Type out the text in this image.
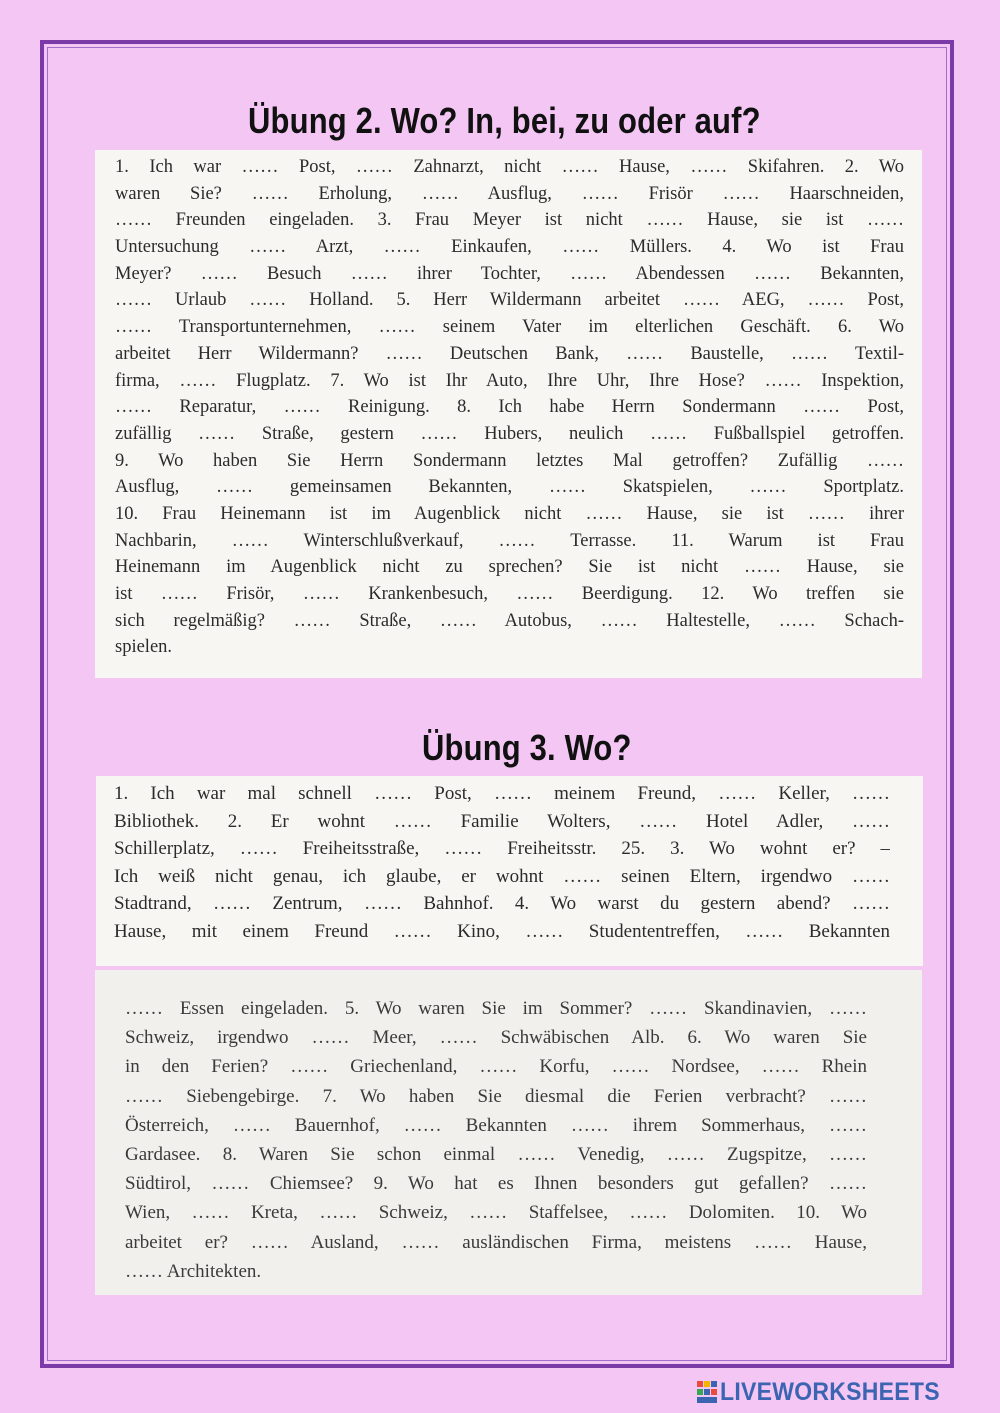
Übung 2. Wo? In, bei, zu oder auf?
1. Ich war …… Post, …… Zahnarzt, nicht …… Hause, …… Skifahren. 2. Wo
waren Sie? …… Erholung, …… Ausflug, …… Frisör …… Haarschneiden,
…… Freunden eingeladen. 3. Frau Meyer ist nicht …… Hause, sie ist ……
Untersuchung …… Arzt, …… Einkaufen, …… Müllers. 4. Wo ist Frau
Meyer? …… Besuch …… ihrer Tochter, …… Abendessen …… Bekannten,
…… Urlaub …… Holland. 5. Herr Wildermann arbeitet …… AEG, …… Post,
…… Transportunternehmen, …… seinem Vater im elterlichen Geschäft. 6. Wo
arbeitet Herr Wildermann? …… Deutschen Bank, …… Baustelle, …… Textil-
firma, …… Flugplatz. 7. Wo ist Ihr Auto, Ihre Uhr, Ihre Hose? …… Inspektion,
…… Reparatur, …… Reinigung. 8. Ich habe Herrn Sondermann …… Post,
zufällig …… Straße, gestern …… Hubers, neulich …… Fußballspiel getroffen.
9. Wo haben Sie Herrn Sondermann letztes Mal getroffen? Zufällig ……
Ausflug, …… gemeinsamen Bekannten, …… Skatspielen, …… Sportplatz.
10. Frau Heinemann ist im Augenblick nicht …… Hause, sie ist …… ihrer
Nachbarin, …… Winterschlußverkauf, …… Terrasse. 11. Warum ist Frau
Heinemann im Augenblick nicht zu sprechen? Sie ist nicht …… Hause, sie
ist …… Frisör, …… Krankenbesuch, …… Beerdigung. 12. Wo treffen sie
sich regelmäßig? …… Straße, …… Autobus, …… Haltestelle, …… Schach-
spielen.
Übung 3. Wo?
1. Ich war mal schnell …… Post, …… meinem Freund, …… Keller, ……
Bibliothek. 2. Er wohnt …… Familie Wolters, …… Hotel Adler, ……
Schillerplatz, …… Freiheitsstraße, …… Freiheitsstr. 25. 3. Wo wohnt er? –
Ich weiß nicht genau, ich glaube, er wohnt …… seinen Eltern, irgendwo ……
Stadtrand, …… Zentrum, …… Bahnhof. 4. Wo warst du gestern abend? ……
Hause, mit einem Freund …… Kino, …… Studententreffen, …… Bekannten
…… Essen eingeladen. 5. Wo waren Sie im Sommer? …… Skandinavien, ……
Schweiz, irgendwo …… Meer, …… Schwäbischen Alb. 6. Wo waren Sie
in den Ferien? …… Griechenland, …… Korfu, …… Nordsee, …… Rhein
…… Siebengebirge. 7. Wo haben Sie diesmal die Ferien verbracht? ……
Österreich, …… Bauernhof, …… Bekannten …… ihrem Sommerhaus, ……
Gardasee. 8. Waren Sie schon einmal …… Venedig, …… Zugspitze, ……
Südtirol, …… Chiemsee? 9. Wo hat es Ihnen besonders gut gefallen? ……
Wien, …… Kreta, …… Schweiz, …… Staffelsee, …… Dolomiten. 10. Wo
arbeitet er? …… Ausland, …… ausländischen Firma, meistens …… Hause,
…… Architekten.
LIVEWORKSHEETS
